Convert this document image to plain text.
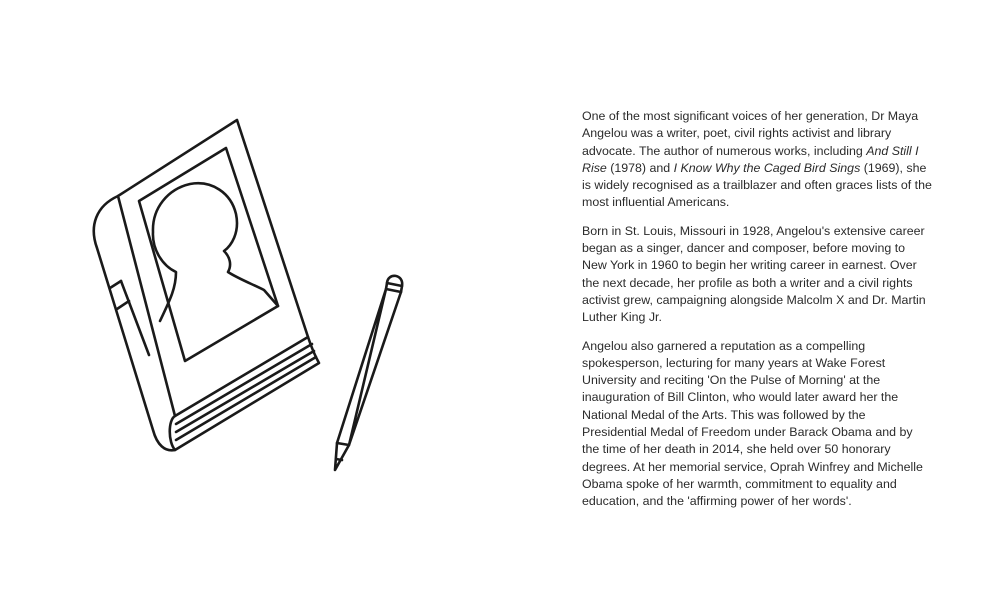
One of the most significant voices of her generation, Dr Maya Angelou was a writer, poet, civil rights activist and library advocate. The author of numerous works, including And Still I Rise (1978) and I Know Why the Caged Bird Sings (1969), she is widely recognised as a trailblazer and often graces lists of the most influential Americans.

Born in St. Louis, Missouri in 1928, Angelou's extensive career began as a singer, dancer and composer, before moving to New York in 1960 to begin her writing career in earnest. Over the next decade, her profile as both a writer and a civil rights activist grew, campaigning alongside Malcolm X and Dr. Martin Luther King Jr.

Angelou also garnered a reputation as a compelling spokesperson, lecturing for many years at Wake Forest University and reciting 'On the Pulse of Morning' at the inauguration of Bill Clinton, who would later award her the National Medal of the Arts. This was followed by the Presidential Medal of Freedom under Barack Obama and by the time of her death in 2014, she held over 50 honorary degrees. At her memorial service, Oprah Winfrey and Michelle Obama spoke of her warmth, commitment to equality and education, and the 'affirming power of her words'.
